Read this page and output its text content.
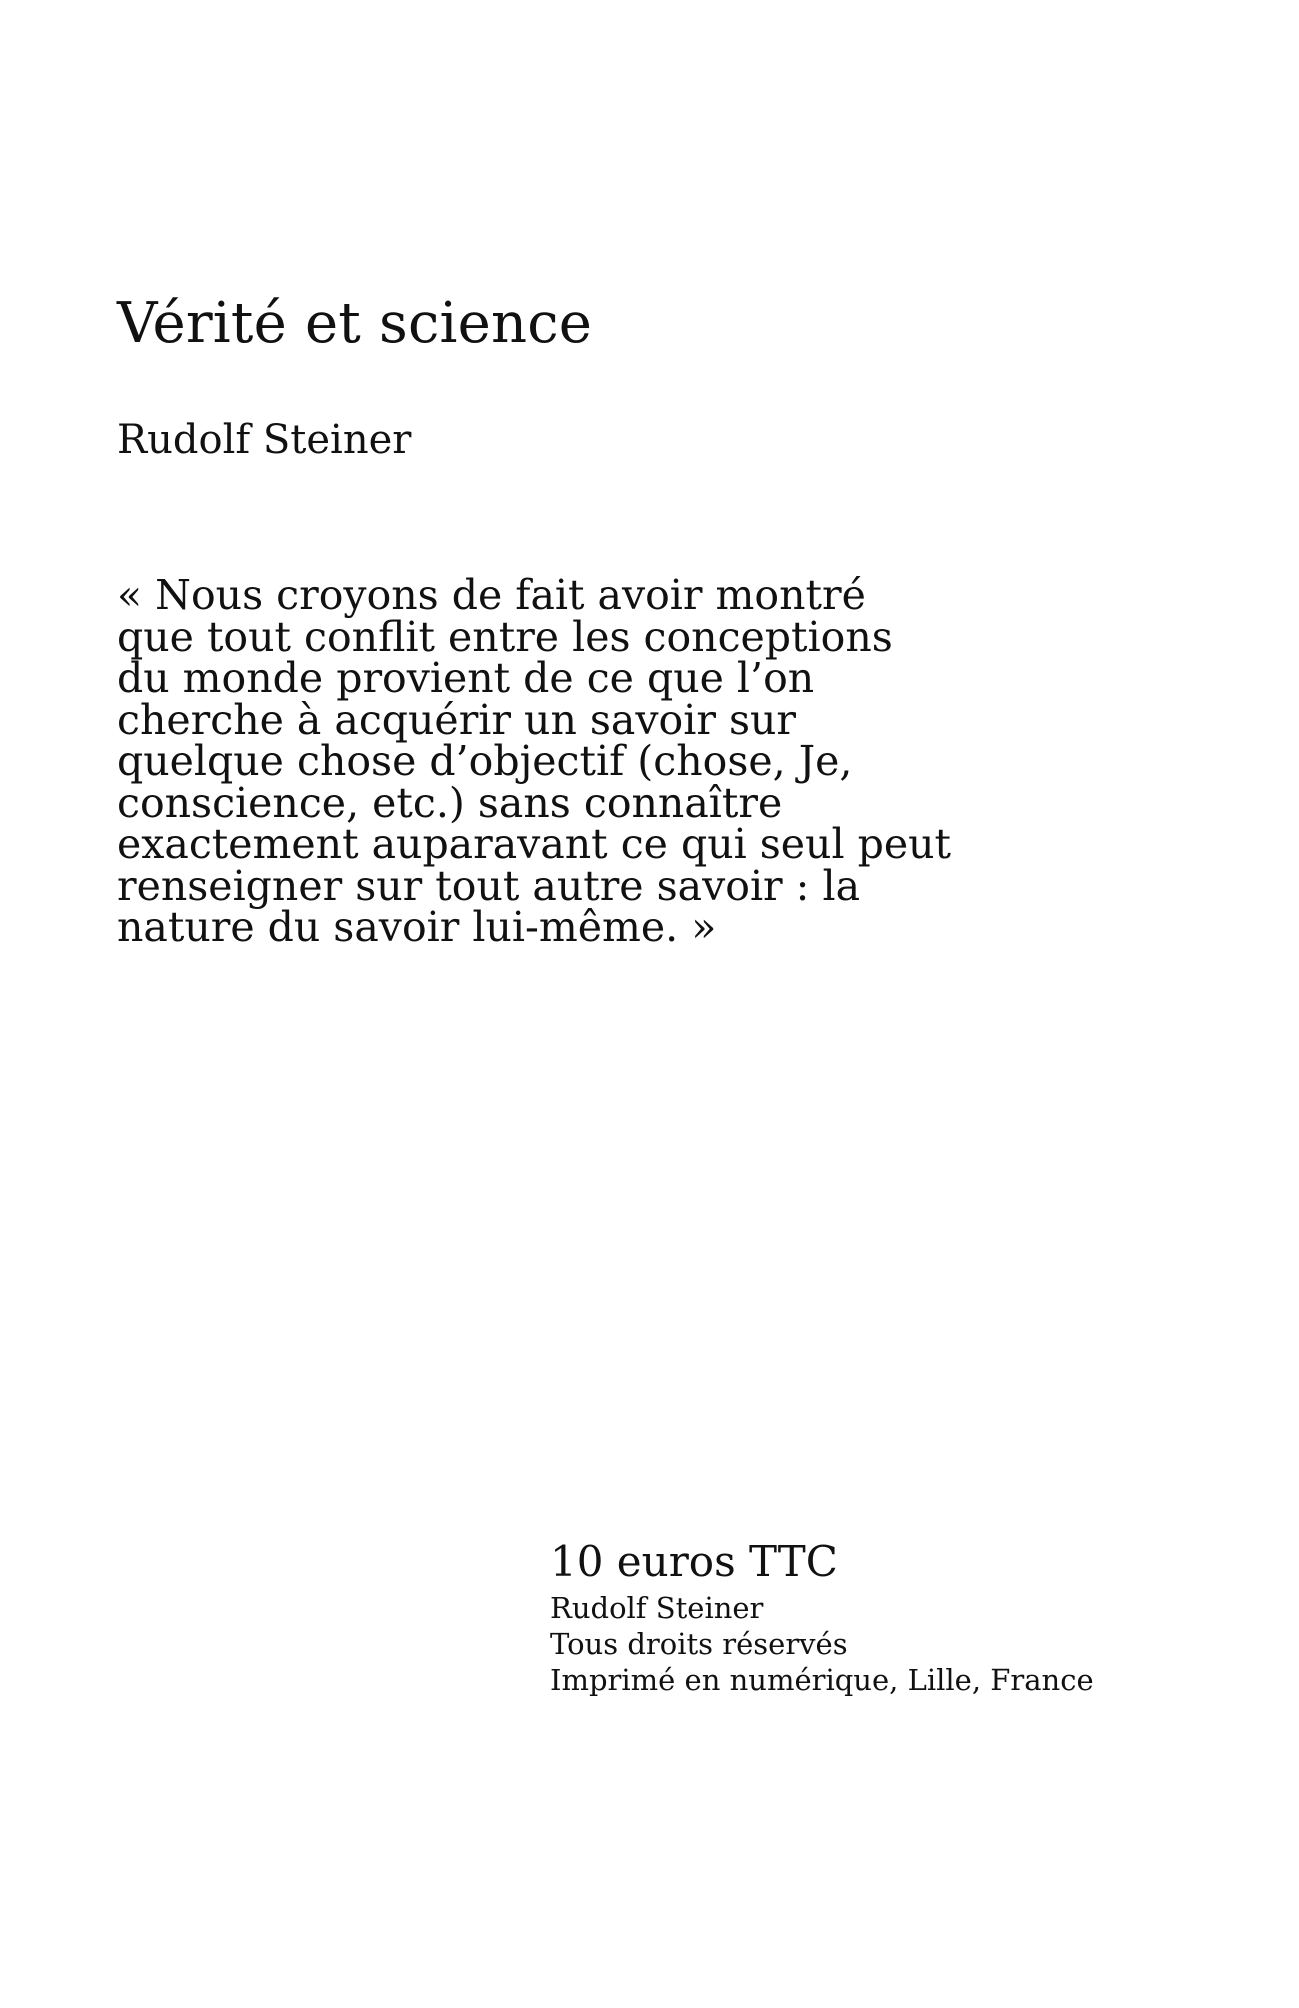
Vérité et science
Rudolf Steiner
« Nous croyons de fait avoir montré
que tout conflit entre les conceptions
du monde provient de ce que l’on
cherche à acquérir un savoir sur
quelque chose d’objectif (chose, Je,
conscience, etc.) sans connaître
exactement auparavant ce qui seul peut
renseigner sur tout autre savoir : la
nature du savoir lui-même. »
10 euros TTC
Rudolf Steiner
Tous droits réservés
Imprimé en numérique, Lille, France
